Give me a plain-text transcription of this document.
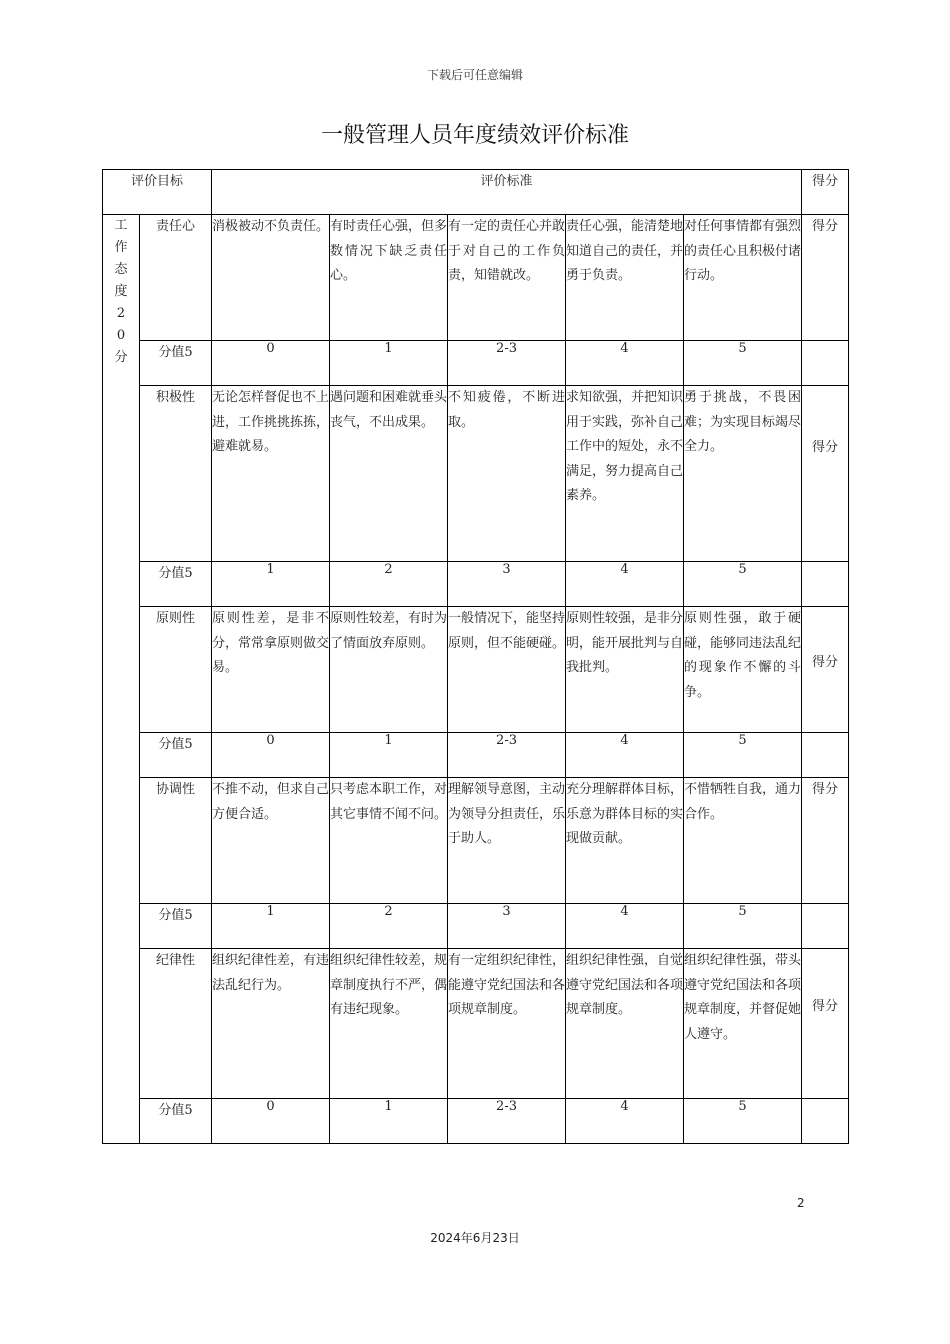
下载后可任意编辑
一般管理人员年度绩效评价标准
评价目标		评价标准					得分
工作态度20分	责任心	消极被动不负责任。	有时责任心强，但多数情况下缺乏责任心。	有一定的责任心并敢于对自己的工作负责，知错就改。	责任心强，能清楚地知道自己的责任，并勇于负责。	对任何事情都有强烈的责任心且积极付诸行动。	得分
	分值5	0	1	2-3	4	5	
	积极性	无论怎样督促也不上进，工作挑挑拣拣，避难就易。	遇问题和困难就垂头丧气，不出成果。	不知疲倦，不断进取。	求知欲强，并把知识用于实践，弥补自己工作中的短处，永不满足，努力提高自己素养。	勇于挑战，不畏困难；为实现目标竭尽全力。	得分
	分值5	1	2	3	4	5	
	原则性	原则性差，是非不分，常常拿原则做交易。	原则性较差，有时为了情面放弃原则。	一般情况下，能坚持原则，但不能硬碰。	原则性较强，是非分明，能开展批判与自我批判。	原则性强，敢于硬碰，能够同违法乱纪的现象作不懈的斗争。	得分
	分值5	0	1	2-3	4	5	
	协调性	不推不动，但求自己方便合适。	只考虑本职工作，对其它事情不闻不问。	理解领导意图，主动为领导分担责任，乐于助人。	充分理解群体目标，乐意为群体目标的实现做贡献。	不惜牺牲自我，通力合作。	得分
	分值5	1	2	3	4	5	
	纪律性	组织纪律性差，有违法乱纪行为。	组织纪律性较差，规章制度执行不严，偶有违纪现象。	有一定组织纪律性，能遵守党纪国法和各项规章制度。	组织纪律性强，自觉遵守党纪国法和各项规章制度。	组织纪律性强，带头遵守党纪国法和各项规章制度，并督促她人遵守。	得分
	分值5	0	1	2-3	4	5	
2
2024年6月23日
